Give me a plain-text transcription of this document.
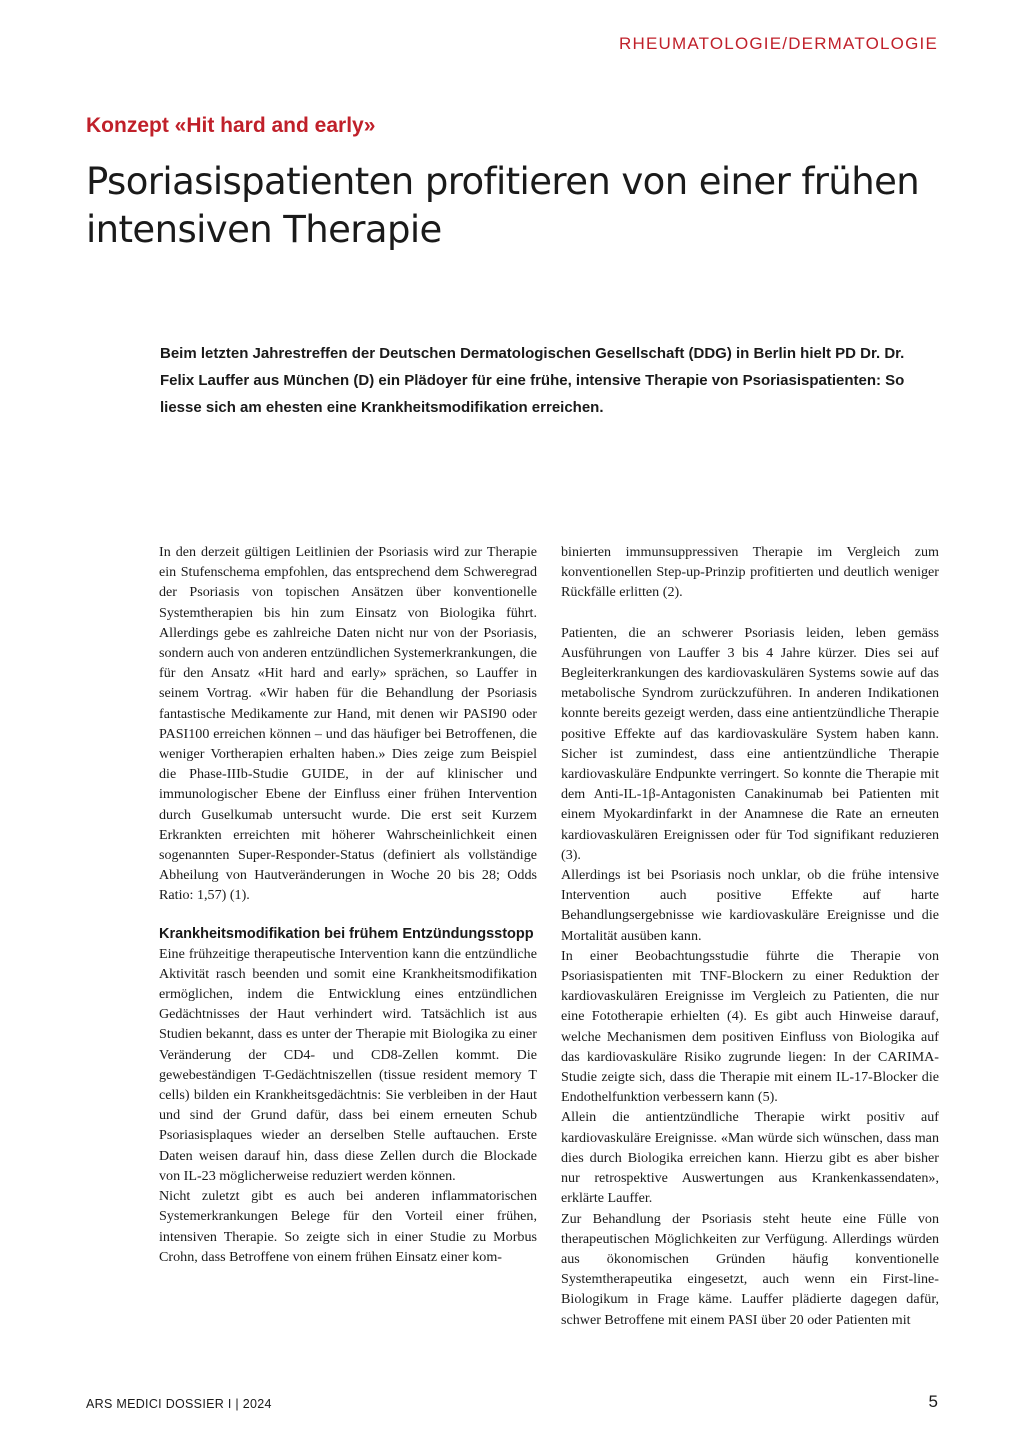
RHEUMATOLOGIE/DERMATOLOGIE
Konzept «Hit hard and early»
Psoriasispatienten profitieren von einer frühen intensiven Therapie

Beim letzten Jahrestreffen der Deutschen Dermatologischen Gesellschaft (DDG) in Berlin hielt PD Dr. Dr. Felix Lauffer aus München (D) ein Plädoyer für eine frühe, intensive Therapie von Psoriasispatienten: So liesse sich am ehesten eine Krankheitsmodifikation erreichen.

In den derzeit gültigen Leitlinien der Psoriasis wird zur Therapie ein Stufenschema empfohlen, das entsprechend dem Schweregrad der Psoriasis von topischen Ansätzen über konventionelle Systemtherapien bis hin zum Einsatz von Biologika führt. Allerdings gebe es zahlreiche Daten nicht nur von der Psoriasis, sondern auch von anderen entzündlichen Systemerkrankungen, die für den Ansatz «Hit hard and early» sprächen, so Lauffer in seinem Vortrag. «Wir haben für die Behandlung der Psoriasis fantastische Medikamente zur Hand, mit denen wir PASI90 oder PASI100 erreichen können – und das häufiger bei Betroffenen, die weniger Vortherapien erhalten haben.» Dies zeige zum Beispiel die Phase-IIIb-Studie GUIDE, in der auf klinischer und immunologischer Ebene der Einfluss einer frühen Intervention durch Guselkumab untersucht wurde. Die erst seit Kurzem Erkrankten erreichten mit höherer Wahrscheinlichkeit einen sogenannten Super-Responder-Status (definiert als vollständige Abheilung von Hautveränderungen in Woche 20 bis 28; Odds Ratio: 1,57) (1).

Krankheitsmodifikation bei frühem Entzündungsstopp

Eine frühzeitige therapeutische Intervention kann die entzündliche Aktivität rasch beenden und somit eine Krankheitsmodifikation ermöglichen, indem die Entwicklung eines entzündlichen Gedächtnisses der Haut verhindert wird. Tatsächlich ist aus Studien bekannt, dass es unter der Therapie mit Biologika zu einer Veränderung der CD4- und CD8-Zellen kommt. Die gewebeständigen T-Gedächtniszellen (tissue resident memory T cells) bilden ein Krankheitsgedächtnis: Sie verbleiben in der Haut und sind der Grund dafür, dass bei einem erneuten Schub Psoriasisplaques wieder an derselben Stelle auftauchen. Erste Daten weisen darauf hin, dass diese Zellen durch die Blockade von IL-23 möglicherweise reduziert werden können.

Nicht zuletzt gibt es auch bei anderen inflammatorischen Systemerkrankungen Belege für den Vorteil einer frühen, intensiven Therapie. So zeigte sich in einer Studie zu Morbus Crohn, dass Betroffene von einem frühen Einsatz einer kom-

binierten immunsuppressiven Therapie im Vergleich zum konventionellen Step-up-Prinzip profitierten und deutlich weniger Rückfälle erlitten (2).

Patienten, die an schwerer Psoriasis leiden, leben gemäss Ausführungen von Lauffer 3 bis 4 Jahre kürzer. Dies sei auf Begleiterkrankungen des kardiovaskulären Systems sowie auf das metabolische Syndrom zurückzuführen. In anderen Indikationen konnte bereits gezeigt werden, dass eine antientzündliche Therapie positive Effekte auf das kardiovaskuläre System haben kann. Sicher ist zumindest, dass eine antientzündliche Therapie kardiovaskuläre Endpunkte verringert. So konnte die Therapie mit dem Anti-IL-1β-Antagonisten Canakinumab bei Patienten mit einem Myokardinfarkt in der Anamnese die Rate an erneuten kardiovaskulären Ereignissen oder für Tod signifikant reduzieren (3).

Allerdings ist bei Psoriasis noch unklar, ob die frühe intensive Intervention auch positive Effekte auf harte Behandlungsergebnisse wie kardiovaskuläre Ereignisse und die Mortalität ausüben kann.

In einer Beobachtungsstudie führte die Therapie von Psoriasispatienten mit TNF-Blockern zu einer Reduktion der kardiovaskulären Ereignisse im Vergleich zu Patienten, die nur eine Fototherapie erhielten (4). Es gibt auch Hinweise darauf, welche Mechanismen dem positiven Einfluss von Biologika auf das kardiovaskuläre Risiko zugrunde liegen: In der CARIMA-Studie zeigte sich, dass die Therapie mit einem IL-17-Blocker die Endothelfunktion verbessern kann (5).

Allein die antientzündliche Therapie wirkt positiv auf kardiovaskuläre Ereignisse. «Man würde sich wünschen, dass man dies durch Biologika erreichen kann. Hierzu gibt es aber bisher nur retrospektive Auswertungen aus Krankenkassendaten», erklärte Lauffer.

Zur Behandlung der Psoriasis steht heute eine Fülle von therapeutischen Möglichkeiten zur Verfügung. Allerdings würden aus ökonomischen Gründen häufig konventionelle Systemtherapeutika eingesetzt, auch wenn ein First-line-Biologikum in Frage käme. Lauffer plädierte dagegen dafür, schwer Betroffene mit einem PASI über 20 oder Patienten mit

ARS MEDICI DOSSIER I | 2024	5
